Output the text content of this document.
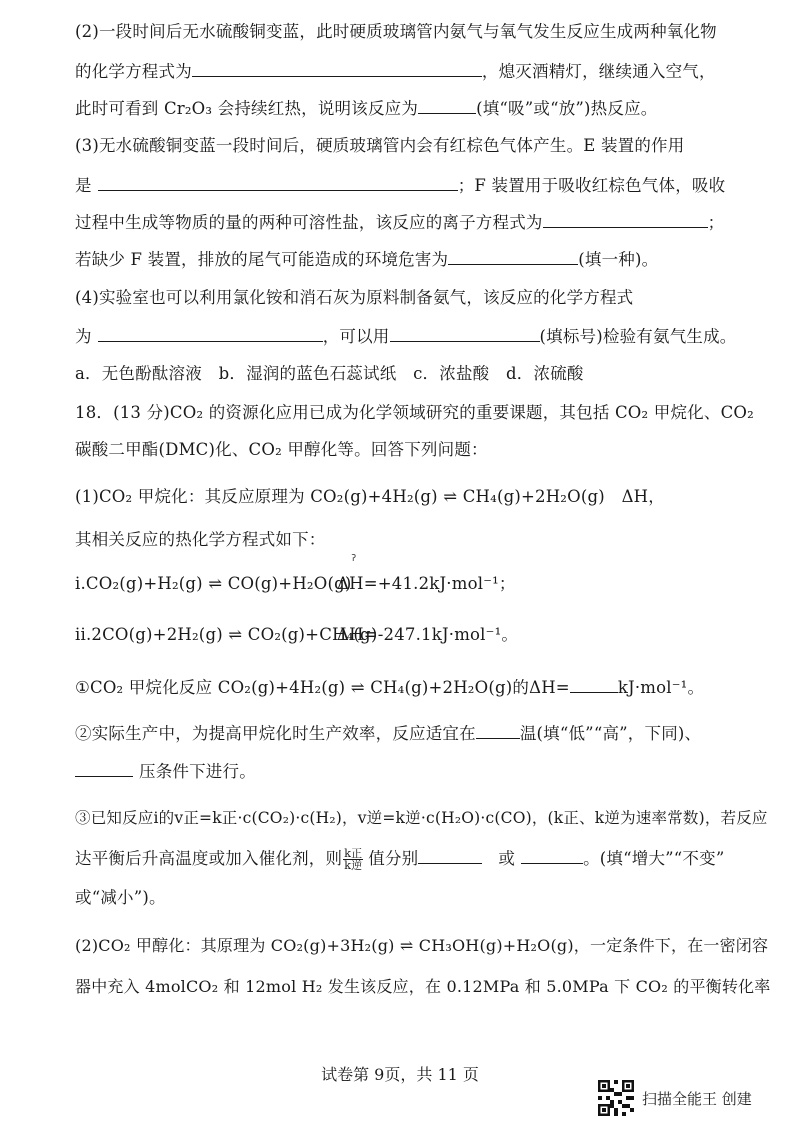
(2)一段时间后无水硫酸铜变蓝，此时硬质玻璃管内氨气与氧气发生反应生成两种氧化物
的化学方程式为	，熄灭酒精灯，继续通入空气，
此时可看到 Cr₂O₃ 会持续红热，说明该反应为	(填“吸”或“放”)热反应。
(3)无水硫酸铜变蓝一段时间后，硬质玻璃管内会有红棕色气体产生。E 装置的作用
是	；F 装置用于吸收红棕色气体，吸收
过程中生成等物质的量的两种可溶性盐，该反应的离子方程式为	；
若缺少 F 装置，排放的尾气可能造成的环境危害为	(填一种)。
(4)实验室也可以利用氯化铵和消石灰为原料制备氨气，该反应的化学方程式
为	，可以用	(填标号)检验有氨气生成。
a．无色酚酞溶液　b．湿润的蓝色石蕊试纸　c．浓盐酸　d．浓硫酸
18．(13 分)CO₂ 的资源化应用已成为化学领域研究的重要课题，其包括 CO₂ 甲烷化、CO₂
碳酸二甲酯(DMC)化、CO₂ 甲醇化等。回答下列问题：
(1)CO₂ 甲烷化：其反应原理为 CO₂(g)+4H₂(g) ⇌ CH₄(g)+2H₂O(g)　ΔH，
其相关反应的热化学方程式如下：
ॽ
i.CO₂(g)+H₂(g) ⇌ CO(g)+H₂O(g)ΔH=+41.2kJ·mol⁻¹；
ii.2CO(g)+2H₂(g) ⇌ CO₂(g)+CH₄(g)ΔH=-247.1kJ·mol⁻¹。
①CO₂ 甲烷化反应 CO₂(g)+4H₂(g) ⇌ CH₄(g)+2H₂O(g)的ΔH=	kJ·mol⁻¹。
②实际生产中，为提高甲烷化时生产效率，反应适宜在	温(填“低”“高”，下同)、
压条件下进行。
③已知反应i的v正=k正·c(CO₂)·c(H₂)，v逆=k逆·c(H₂O)·c(CO)，(k正、k逆为速率常数)，若反应
达平衡后升高温度或加入催化剂，则 $\frac{\text{k正}}{\text{k逆}}$ 值分别	或	。(填“增大”“不变”
或“减小”)。
(2)CO₂ 甲醇化：其原理为 CO₂(g)+3H₂(g) ⇌ CH₃OH(g)+H₂O(g)，一定条件下，在一密闭容
器中充入 4molCO₂ 和 12mol H₂ 发生该反应，在 0.12MPa 和 5.0MPa 下 CO₂ 的平衡转化率
试卷第 9页，共 11 页
扫描全能王 创建
